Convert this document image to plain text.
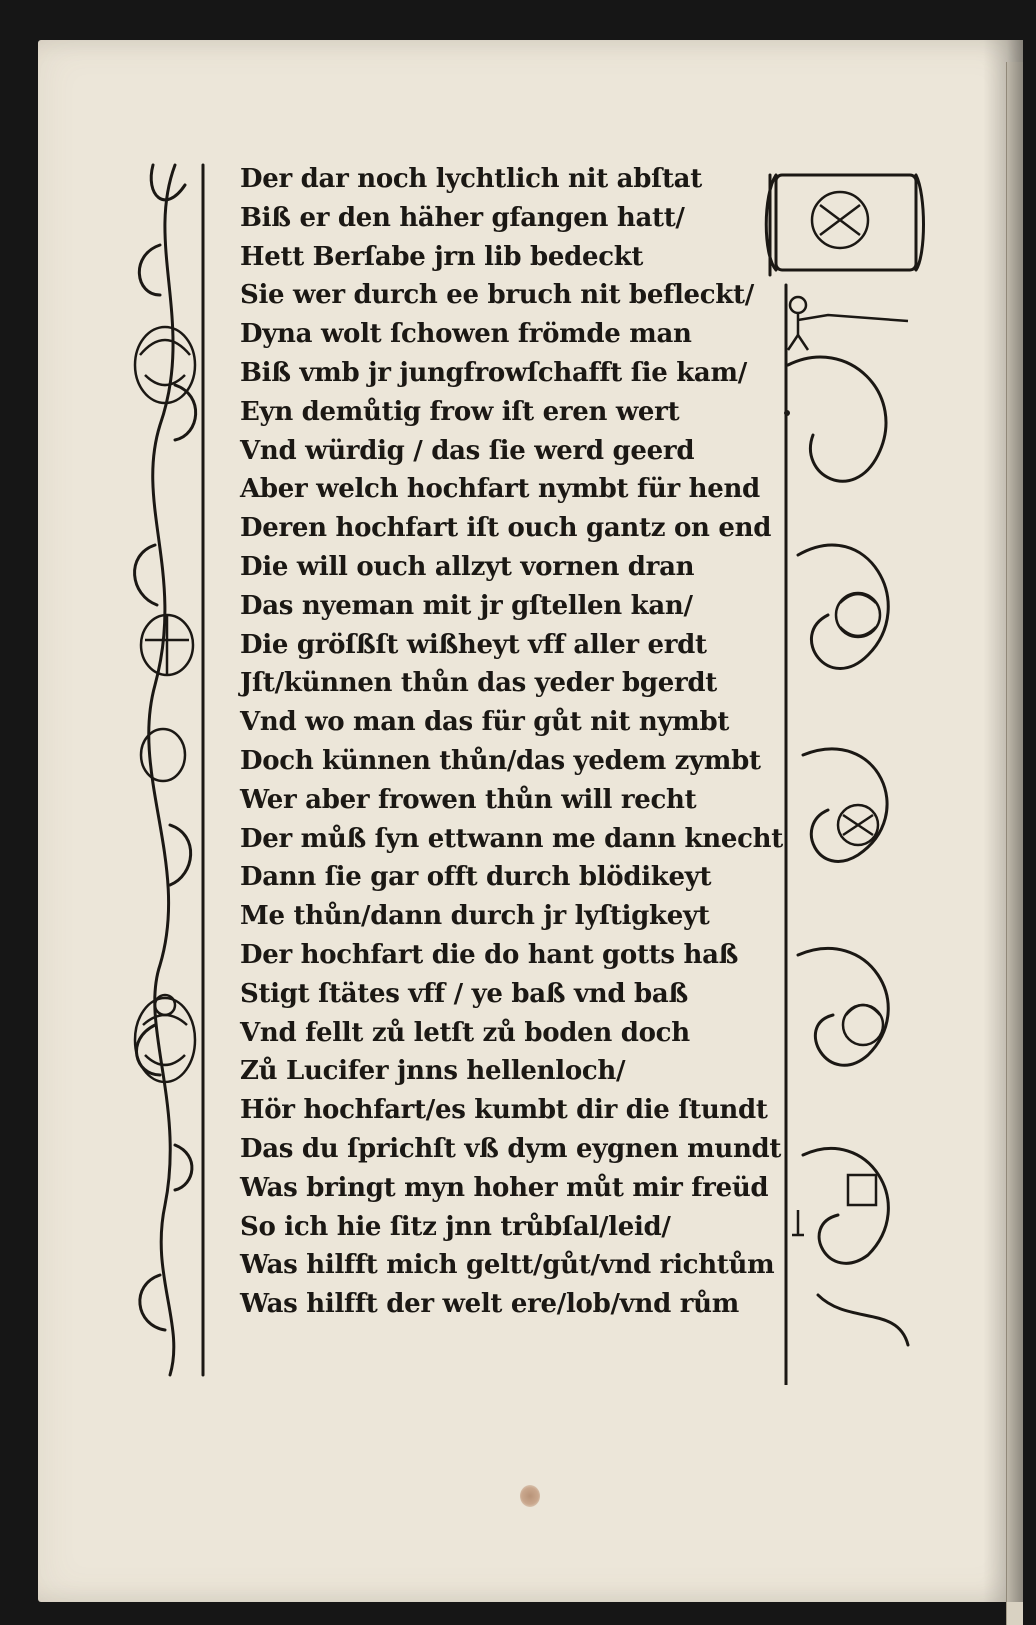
Der dar noch lychtlich nit abſtat
Biß er den häher gfangen hatt/
Hett Berſabe jrn lib bedeckt
Sie wer durch ee bruch nit befleckt/
Dyna wolt ſchowen frömde man
Biß vmb jr jungfrowſchafft ſie kam/
Eyn demůtig frow iſt eren wert
Vnd würdig / das ſie werd geerd
Aber welch hochfart nymbt für hend
Deren hochfart iſt ouch gantz on end
Die will ouch allzyt vornen dran
Das nyeman mit jr gſtellen kan/
Die gröſßſt wißheyt vff aller erdt
Jſt/künnen thůn das yeder bgerdt
Vnd wo man das für gůt nit nymbt
Doch künnen thůn/das yedem zymbt
Wer aber frowen thůn will recht
Der můß ſyn ettwann me dann knecht
Dann ſie gar offt durch blödikeyt
Me thůn/dann durch jr lyſtigkeyt
Der hochfart die do hant gotts haß
Stigt ſtätes vff / ye baß vnd baß
Vnd fellt zů letſt zů boden doch
Zů Lucifer jnns hellenloch/
Hör hochfart/es kumbt dir die ſtundt
Das du ſprichſt vß dym eygnen mundt
Was bringt myn hoher můt mir freüd
So ich hie ſitz jnn trůbſal/leid/
Was hilfft mich geltt/gůt/vnd richtům
Was hilfft der welt ere/lob/vnd rům
